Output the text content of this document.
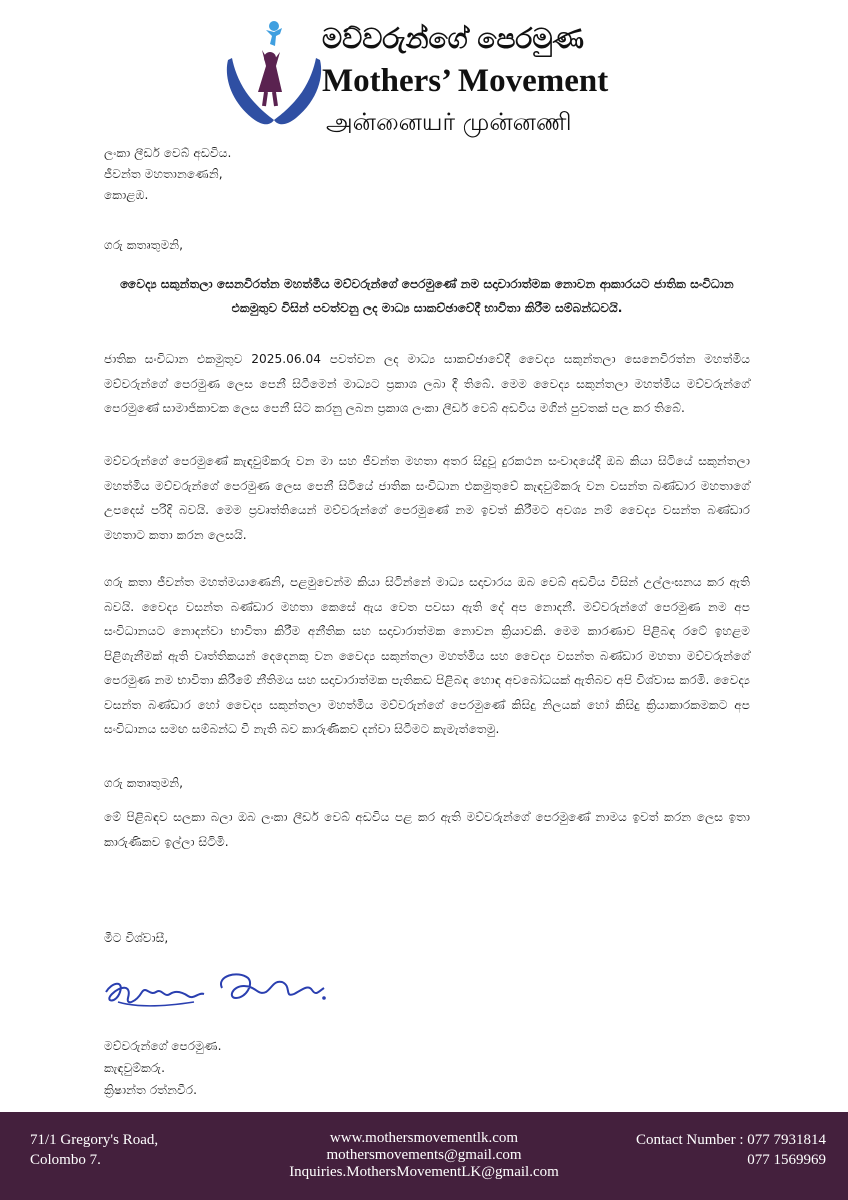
මව්වරුන්ගේ පෙරමුණ
Mothers’ Movement
அன்னையர் முன்னணி
ලංකා ලීඩර් වෙබ් අඩවිය.
ජීවන්ත මහතානණෙනි,
කොළඹ.
ගරු කතෘතුමනි,
වෛද්‍ය සකුන්තලා සෙනවිරත්න මහත්මිය මව්වරුන්ගේ පෙරමුණේ නම සදාචාරාත්මක නොවන ආකාරයට ජාතික සංවිධාන එකමුතුව විසින් පවත්වනු ලද මාධ්‍ය සාකච්ඡාවේදී භාවිතා කිරීම සම්බන්ධවයි.
ජාතික සංවිධාන එකමුතුව 2025.06.04 පවත්වන ලද මාධ්‍ය සාකච්ඡාවේදී වෛද්‍ය සකුන්තලා සෙනෙවිරත්න මහත්මිය මව්වරුන්ගේ පෙරමුණ ලෙස පෙනී සිටීමෙන් මාධ්‍යට ප්‍රකාශ ලබා දී තිබේ. මෙම වෛද්‍ය සකුන්තලා මහත්මිය මව්වරුන්ගේ පෙරමුණේ සාමාජිකාවක ලෙස පෙනී සිට කරනු ලබන ප්‍රකාශ ලංකා ලීඩර් වෙබ් අඩවිය මගින් පුවතක් පල කර තිබේ.
මව්වරුන්ගේ පෙරමුණේ කැඳවුම්කරු වන මා සහ ජීවන්ත මහතා අතර සිදුවූ දුරකථන සංවාදයේදී ඔබ කියා සිටියේ සකුන්තලා මහත්මිය මව්වරුන්ගේ පෙරමුණ ලෙස පෙනී සිටියේ ජාතික සංවිධාන එකමුතුවේ කැඳවුම්කරු වන වසන්ත බණ්ඩාර මහතාගේ උපදෙස් පරිදි බවයි. මෙම ප්‍රවෘත්තියෙන් මව්වරුන්ගේ පෙරමුණේ නම ඉවත් කිරීමට අවශ්‍ය නම් වෛද්‍ය වසන්ත බණ්ඩාර මහතාට කතා කරන ලෙසයි.
ගරු කතා ජීවන්ත මහත්මයාණෙනි, පළමුවෙන්ම කියා සිටින්නේ මාධ්‍ය සදාචාරය ඔබ වෙබ් අඩවිය විසින් උල්ලංඝනය කර ඇති බවයි. වෛද්‍ය වසන්ත බණ්ඩාර මහතා කෙසේ ඇය වෙත පවසා ඇති දේ අප නොදනී. මව්වරුන්ගේ පෙරමුණ නම අප සංවිධානයට නොදන්වා භාවිතා කිරීම අනීතික සහ සදාචාරාත්මක නොවන ක්‍රියාවකි. මෙම කාරණාව පිළිබඳ රටේ ඉහළම පිළිගැනීමක් ඇති වෘත්තිකයන් දෙදෙනකු වන වෛද්‍ය සකුන්තලා මහත්මිය සහ වෛද්‍ය වසන්ත බණ්ඩාර මහතා මව්වරුන්ගේ පෙරමුණ නම භාවිතා කිරීමේ නීතිමය සහ සදාචාරාත්මක පැතිකඩ පිළිබඳ හොඳ අවබෝධයක් ඇතිබව අපි විශ්වාස කරමි. වෛද්‍ය වසන්ත බණ්ඩාර හෝ වෛද්‍ය සකුන්තලා මහත්මිය මව්වරුන්ගේ පෙරමුණේ කිසිදු නිලයක් හෝ කිසිදු ක්‍රියාකාරකමකට අප සංවිධානය සමඟ සම්බන්ධ වී නැති බව කාරුණිකව දන්වා සිටීමට කැමැත්තෙමු.
ගරු කතෘතුමනි,
මේ පිළිබඳව සලකා බලා ඔබ ලංකා ලීඩර් වෙබ් අඩවිය පළ කර ඇති මව්වරුන්ගේ පෙරමුණේ නාමය ඉවත් කරන ලෙස ඉතා කාරුණිකව ඉල්ලා සිටිමි.
මීට විශ්වාසී,
මව්වරුන්ගේ පෙරමුණ.
කැඳවුම්කරු.
ක්‍රිෂාන්ත රත්නවීර.
71/1 Gregory's Road,
Colombo 7.
www.mothersmovementlk.com
mothersmovements@gmail.com
Inquiries.MothersMovementLK@gmail.com
Contact Number : 077 7931814
077 1569969
